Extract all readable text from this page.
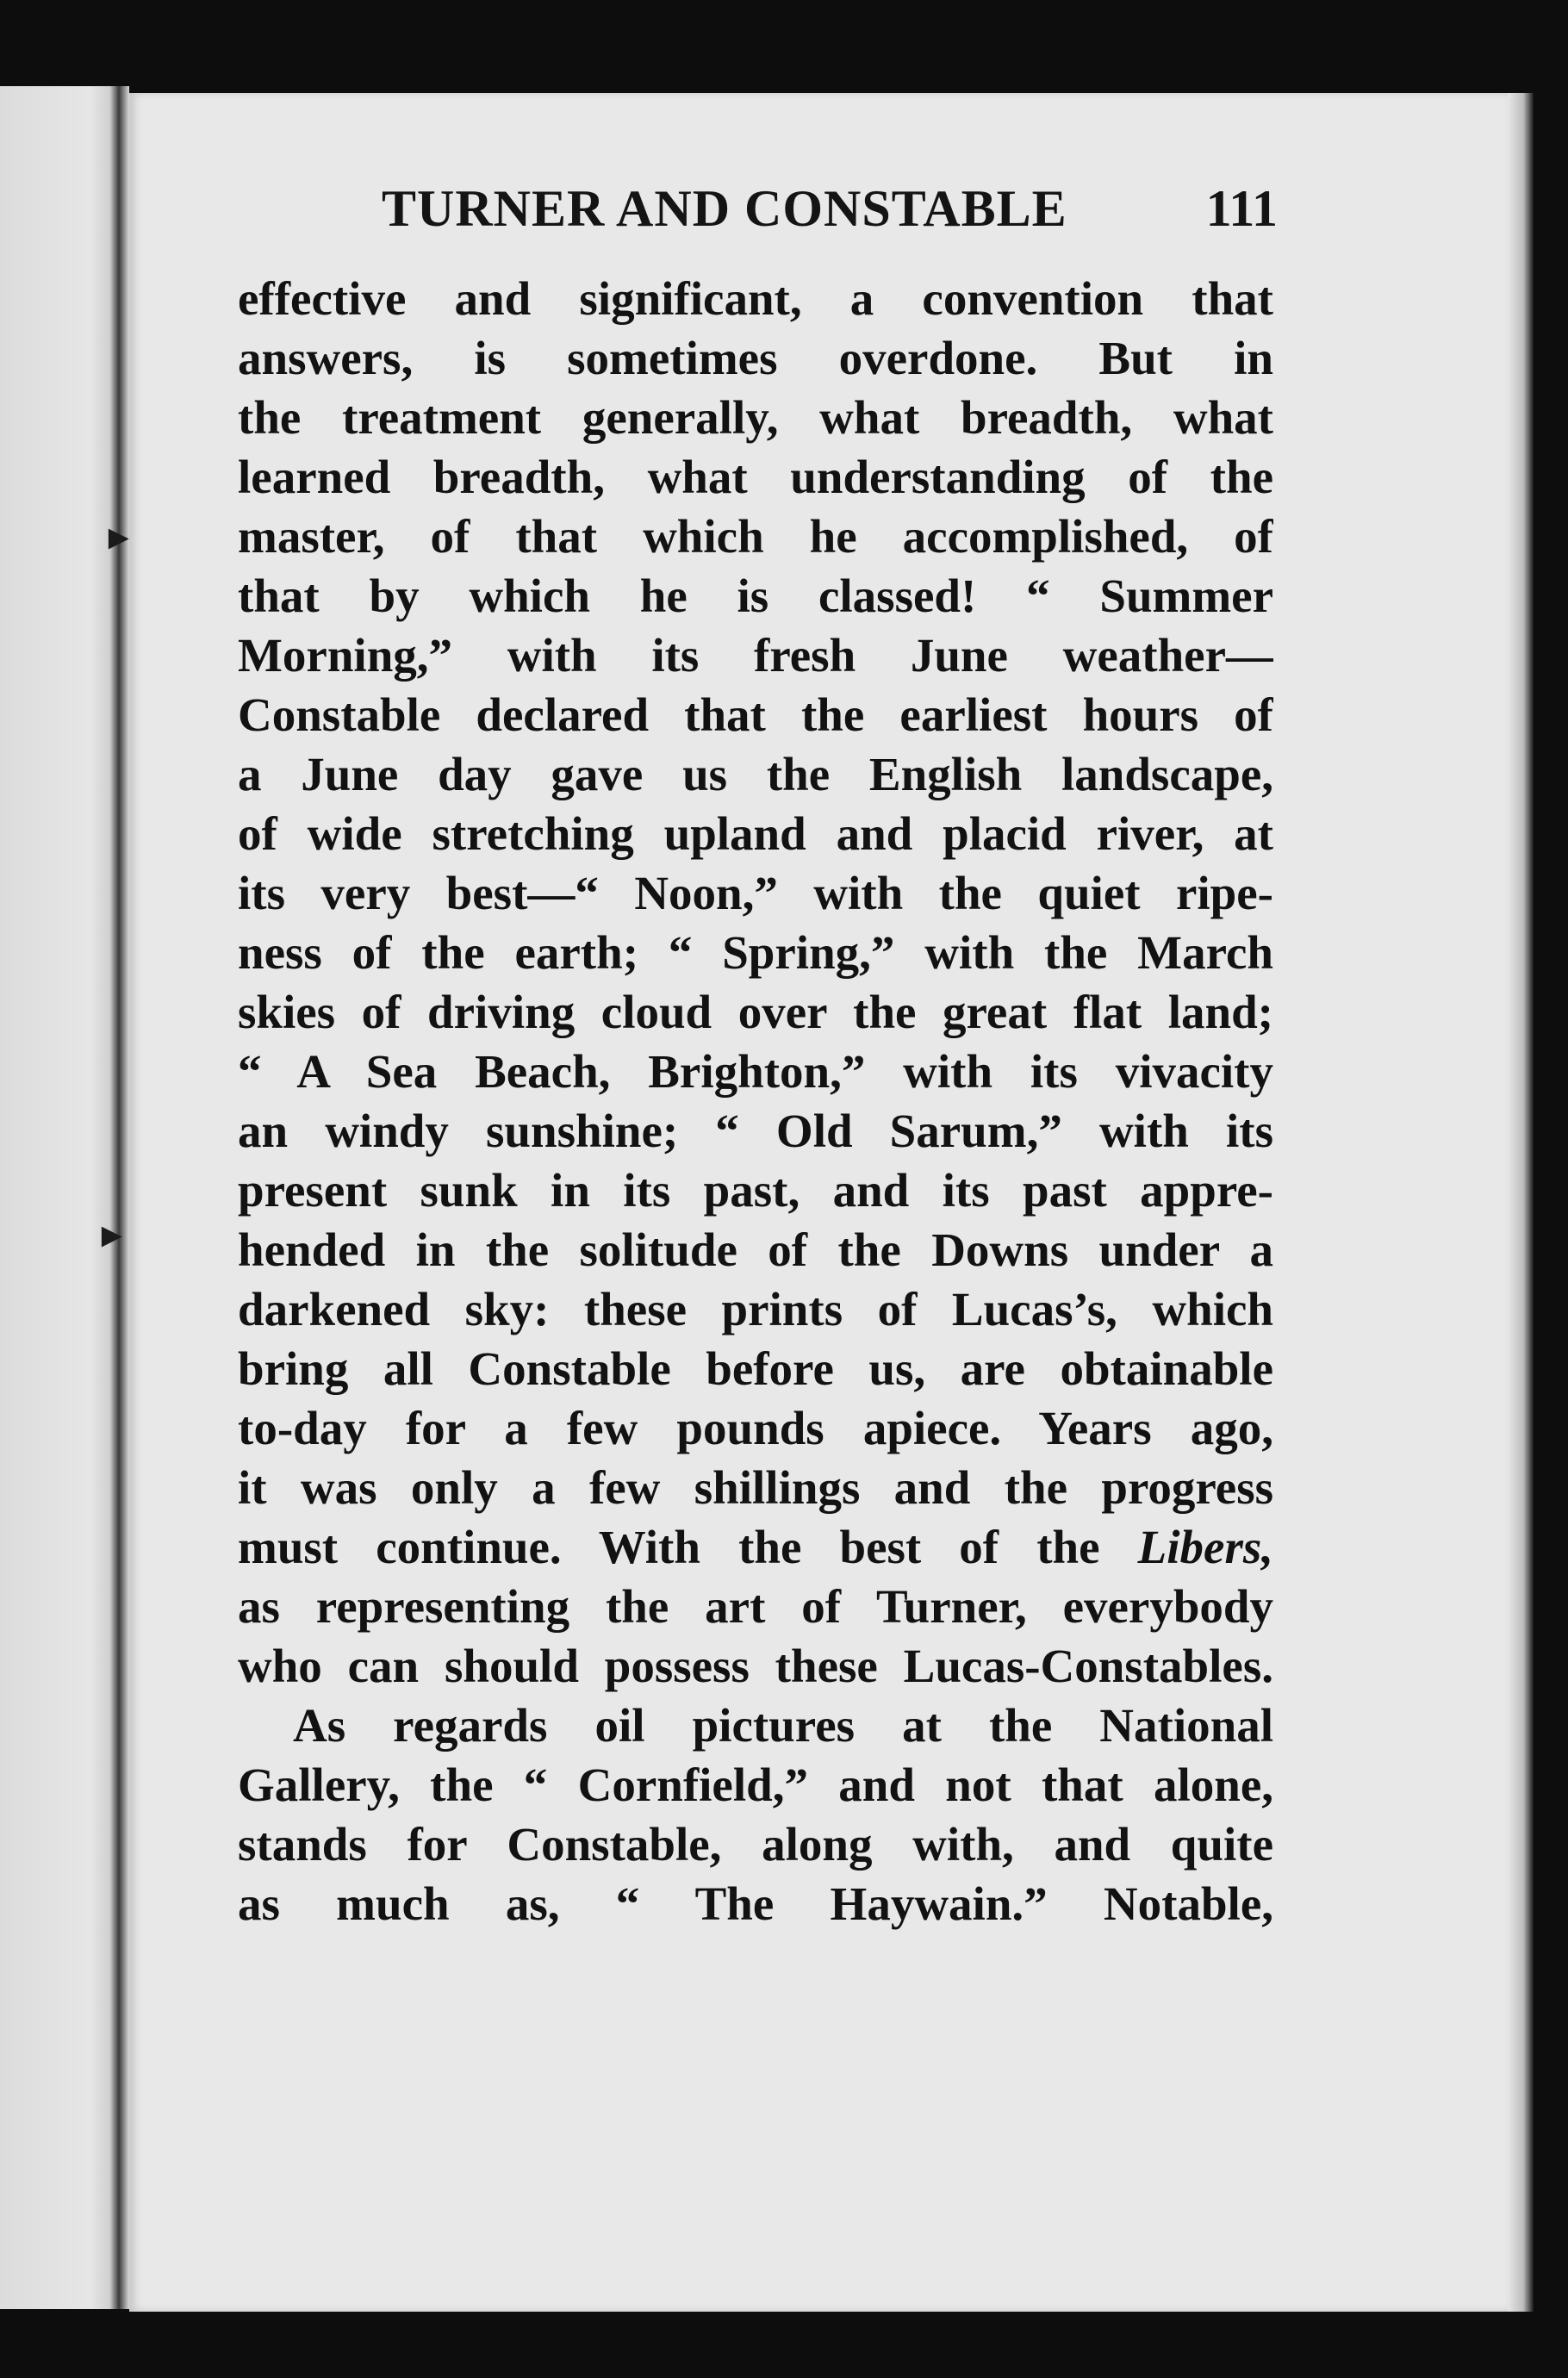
►
►
TURNER AND CONSTABLE	111
effective and significant, a convention that
answers, is sometimes overdone. But in
the treatment generally, what breadth, what
learned breadth, what understanding of the
master, of that which he accomplished, of
that by which he is classed! “ Summer
Morning,” with its fresh June weather—
Constable declared that the earliest hours of
a June day gave us the English landscape,
of wide stretching upland and placid river, at
its very best—“ Noon,” with the quiet ripe-
ness of the earth; “ Spring,” with the March
skies of driving cloud over the great flat land;
“ A Sea Beach, Brighton,” with its vivacity
an windy sunshine; “ Old Sarum,” with its
present sunk in its past, and its past appre-
hended in the solitude of the Downs under a
darkened sky: these prints of Lucas’s, which
bring all Constable before us, are obtainable
to-day for a few pounds apiece. Years ago,
it was only a few shillings and the progress
must continue. With the best of the Libers,
as representing the art of Turner, everybody
who can should possess these Lucas-Constables.
As regards oil pictures at the National
Gallery, the “ Cornfield,” and not that alone,
stands for Constable, along with, and quite
as much as, “ The Haywain.” Notable,
